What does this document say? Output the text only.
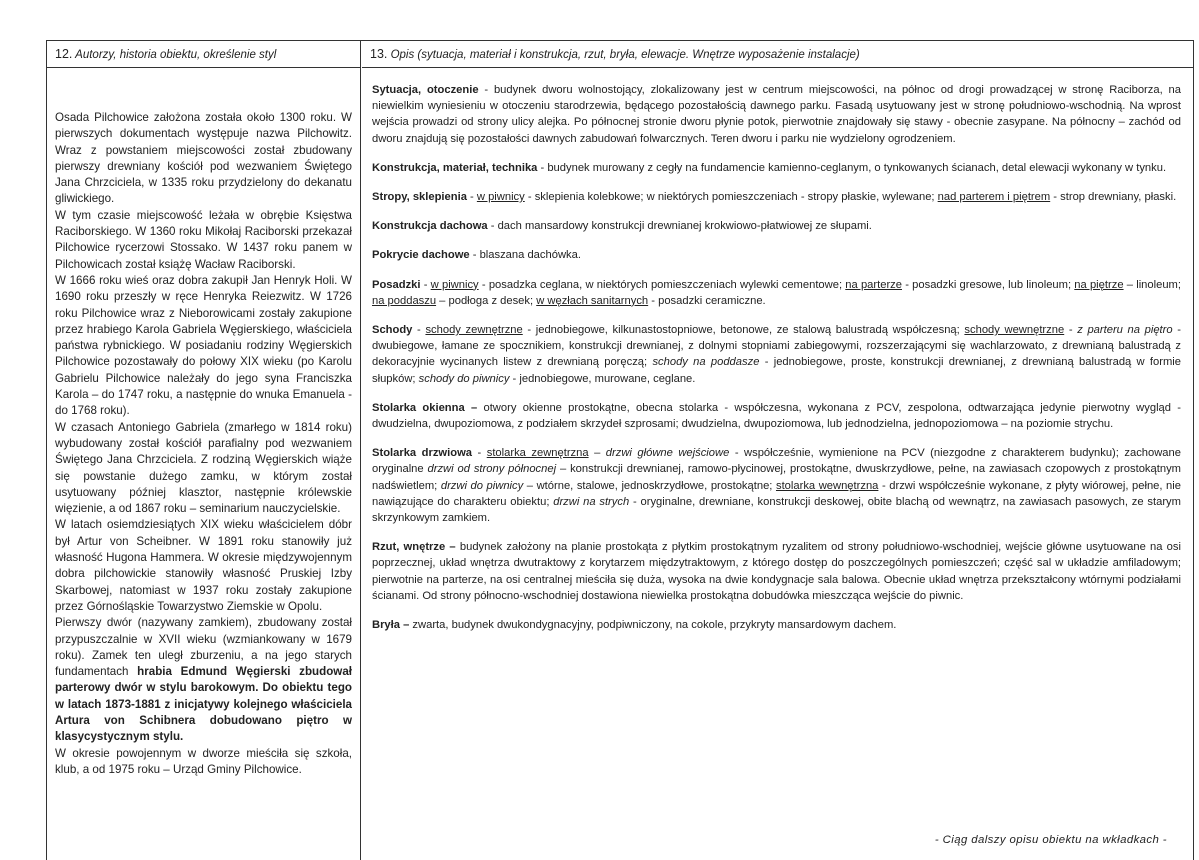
12. Autorzy, historia obiektu, określenie styl

Osada Pilchowice założona została około 1300 roku. W pierwszych dokumentach występuje nazwa Pilchowitz. Wraz z powstaniem miejscowości został zbudowany pierwszy drewniany kościół pod wezwaniem Świętego Jana Chrzciciela, w 1335 roku przydzielony do dekanatu gliwickiego.

W tym czasie miejscowość leżała w obrębie Księstwa Raciborskiego. W 1360 roku Mikołaj Raciborski przekazał Pilchowice rycerzowi Stossako. W 1437 roku panem w Pilchowicach został książę Wacław Raciborski.

W 1666 roku wieś oraz dobra zakupił Jan Henryk Holi. W 1690 roku przeszły w ręce Henryka Reiezwitz. W 1726 roku Pilchowice wraz z Nieborowicami zostały zakupione przez hrabiego Karola Gabriela Węgierskiego, właściciela państwa rybnickiego. W posiadaniu rodziny Węgierskich Pilchowice pozostawały do połowy XIX wieku (po Karolu Gabrielu Pilchowice należały do jego syna Franciszka Karola – do 1747 roku, a następnie do wnuka Emanuela - do 1768 roku).

W czasach Antoniego Gabriela (zmarłego w 1814 roku) wybudowany został kościół parafialny pod wezwaniem Świętego Jana Chrzciciela. Z rodziną Węgierskich wiąże się powstanie dużego zamku, w którym został usytuowany później klasztor, następnie królewskie więzienie, a od 1867 roku – seminarium nauczycielskie.

W latach osiemdziesiątych XIX wieku właścicielem dóbr był Artur von Scheibner. W 1891 roku stanowiły już własność Hugona Hammera. W okresie międzywojennym dobra pilchowickie stanowiły własność Pruskiej Izby Skarbowej, natomiast w 1937 roku zostały zakupione przez Górnośląskie Towarzystwo Ziemskie w Opolu.

Pierwszy dwór (nazywany zamkiem), zbudowany został przypuszczalnie w XVII wieku (wzmiankowany w 1679 roku). Zamek ten uległ zburzeniu, a na jego starych fundamentach hrabia Edmund Węgierski zbudował parterowy dwór w stylu barokowym. Do obiektu tego w latach 1873-1881 z inicjatywy kolejnego właściciela Artura von Schibnera dobudowano piętro w klasycystycznym stylu.

W okresie powojennym w dworze mieściła się szkoła, klub, a od 1975 roku – Urząd Gminy Pilchowice.

13. Opis (sytuacja, materiał i konstrukcja, rzut, bryła, elewacje. Wnętrze wyposażenie instalacje)

Sytuacja, otoczenie - budynek dworu wolnostojący, zlokalizowany jest w centrum miejscowości, na północ od drogi prowadzącej w stronę Raciborza, na niewielkim wyniesieniu w otoczeniu starodrzewia, będącego pozostałością dawnego parku. Fasadą usytuowany jest w stronę południowo-wschodnią. Na wprost wejścia prowadzi od strony ulicy alejka. Po północnej stronie dworu płynie potok, pierwotnie znajdowały się stawy - obecnie zasypane. Na północny – zachód od dworu znajdują się pozostałości dawnych zabudowań folwarcznych. Teren dworu i parku nie wydzielony ogrodzeniem.

Konstrukcja, materiał, technika - budynek murowany z cegły na fundamencie kamienno-ceglanym, o tynkowanych ścianach, detal elewacji wykonany w tynku.

Stropy, sklepienia - w piwnicy - sklepienia kolebkowe; w niektórych pomieszczeniach - stropy płaskie, wylewane; nad parterem i piętrem - strop drewniany, płaski.

Konstrukcja dachowa - dach mansardowy konstrukcji drewnianej krokwiowo-płatwiowej ze słupami.

Pokrycie dachowe - blaszana dachówka.

Posadzki - w piwnicy - posadzka ceglana, w niektórych pomieszczeniach wylewki cementowe; na parterze - posadzki gresowe, lub linoleum; na piętrze – linoleum; na poddaszu – podłoga z desek; w węzłach sanitarnych - posadzki ceramiczne.

Schody - schody zewnętrzne - jednobiegowe, kilkunastostopniowe, betonowe, ze stalową balustradą współczesną; schody wewnętrzne - z parteru na piętro - dwubiegowe, łamane ze spocznikiem, konstrukcji drewnianej, z dolnymi stopniami zabiegowymi, rozszerzającymi się wachlarzowato, z drewnianą balustradą z dekoracyjnie wycinanych listew z drewnianą poręczą; schody na poddasze - jednobiegowe, proste, konstrukcji drewnianej, z drewnianą balustradą w formie słupków; schody do piwnicy - jednobiegowe, murowane, ceglane.

Stolarka okienna – otwory okienne prostokątne, obecna stolarka - współczesna, wykonana z PCV, zespolona, odtwarzająca jedynie pierwotny wygląd - dwudzielna, dwupoziomowa, z podziałem skrzydeł szprosami; dwudzielna, dwupoziomowa, lub jednodzielna, jednopoziomowa – na poziomie strychu.

Stolarka drzwiowa - stolarka zewnętrzna – drzwi główne wejściowe - współcześnie, wymienione na PCV (niezgodne z charakterem budynku); zachowane oryginalne drzwi od strony północnej – konstrukcji drewnianej, ramowo-płycinowej, prostokątne, dwuskrzydłowe, pełne, na zawiasach czopowych z prostokątnym nadświetlem; drzwi do piwnicy – wtórne, stalowe, jednoskrzydłowe, prostokątne; stolarka wewnętrzna - drzwi współcześnie wykonane, z płyty wiórowej, pełne, nie nawiązujące do charakteru obiektu; drzwi na strych - oryginalne, drewniane, konstrukcji deskowej, obite blachą od wewnątrz, na zawiasach pasowych, ze starym skrzynkowym zamkiem.

Rzut, wnętrze – budynek założony na planie prostokąta z płytkim prostokątnym ryzalitem od strony południowo-wschodniej, wejście główne usytuowane na osi poprzecznej, układ wnętrza dwutraktowy z korytarzem międzytraktowym, z którego dostęp do poszczególnych pomieszczeń; część sal w układzie amfiladowym; pierwotnie na parterze, na osi centralnej mieściła się duża, wysoka na dwie kondygnacje sala balowa. Obecnie układ wnętrza przekształcony wtórnymi podziałami ścianami. Od strony północno-wschodniej dostawiona niewielka prostokątna dobudówka mieszcząca wejście do piwnic.

Bryła – zwarta, budynek dwukondygnacyjny, podpiwniczony, na cokole, przykryty mansardowym dachem.

- Ciąg dalszy opisu obiektu na wkładkach -
